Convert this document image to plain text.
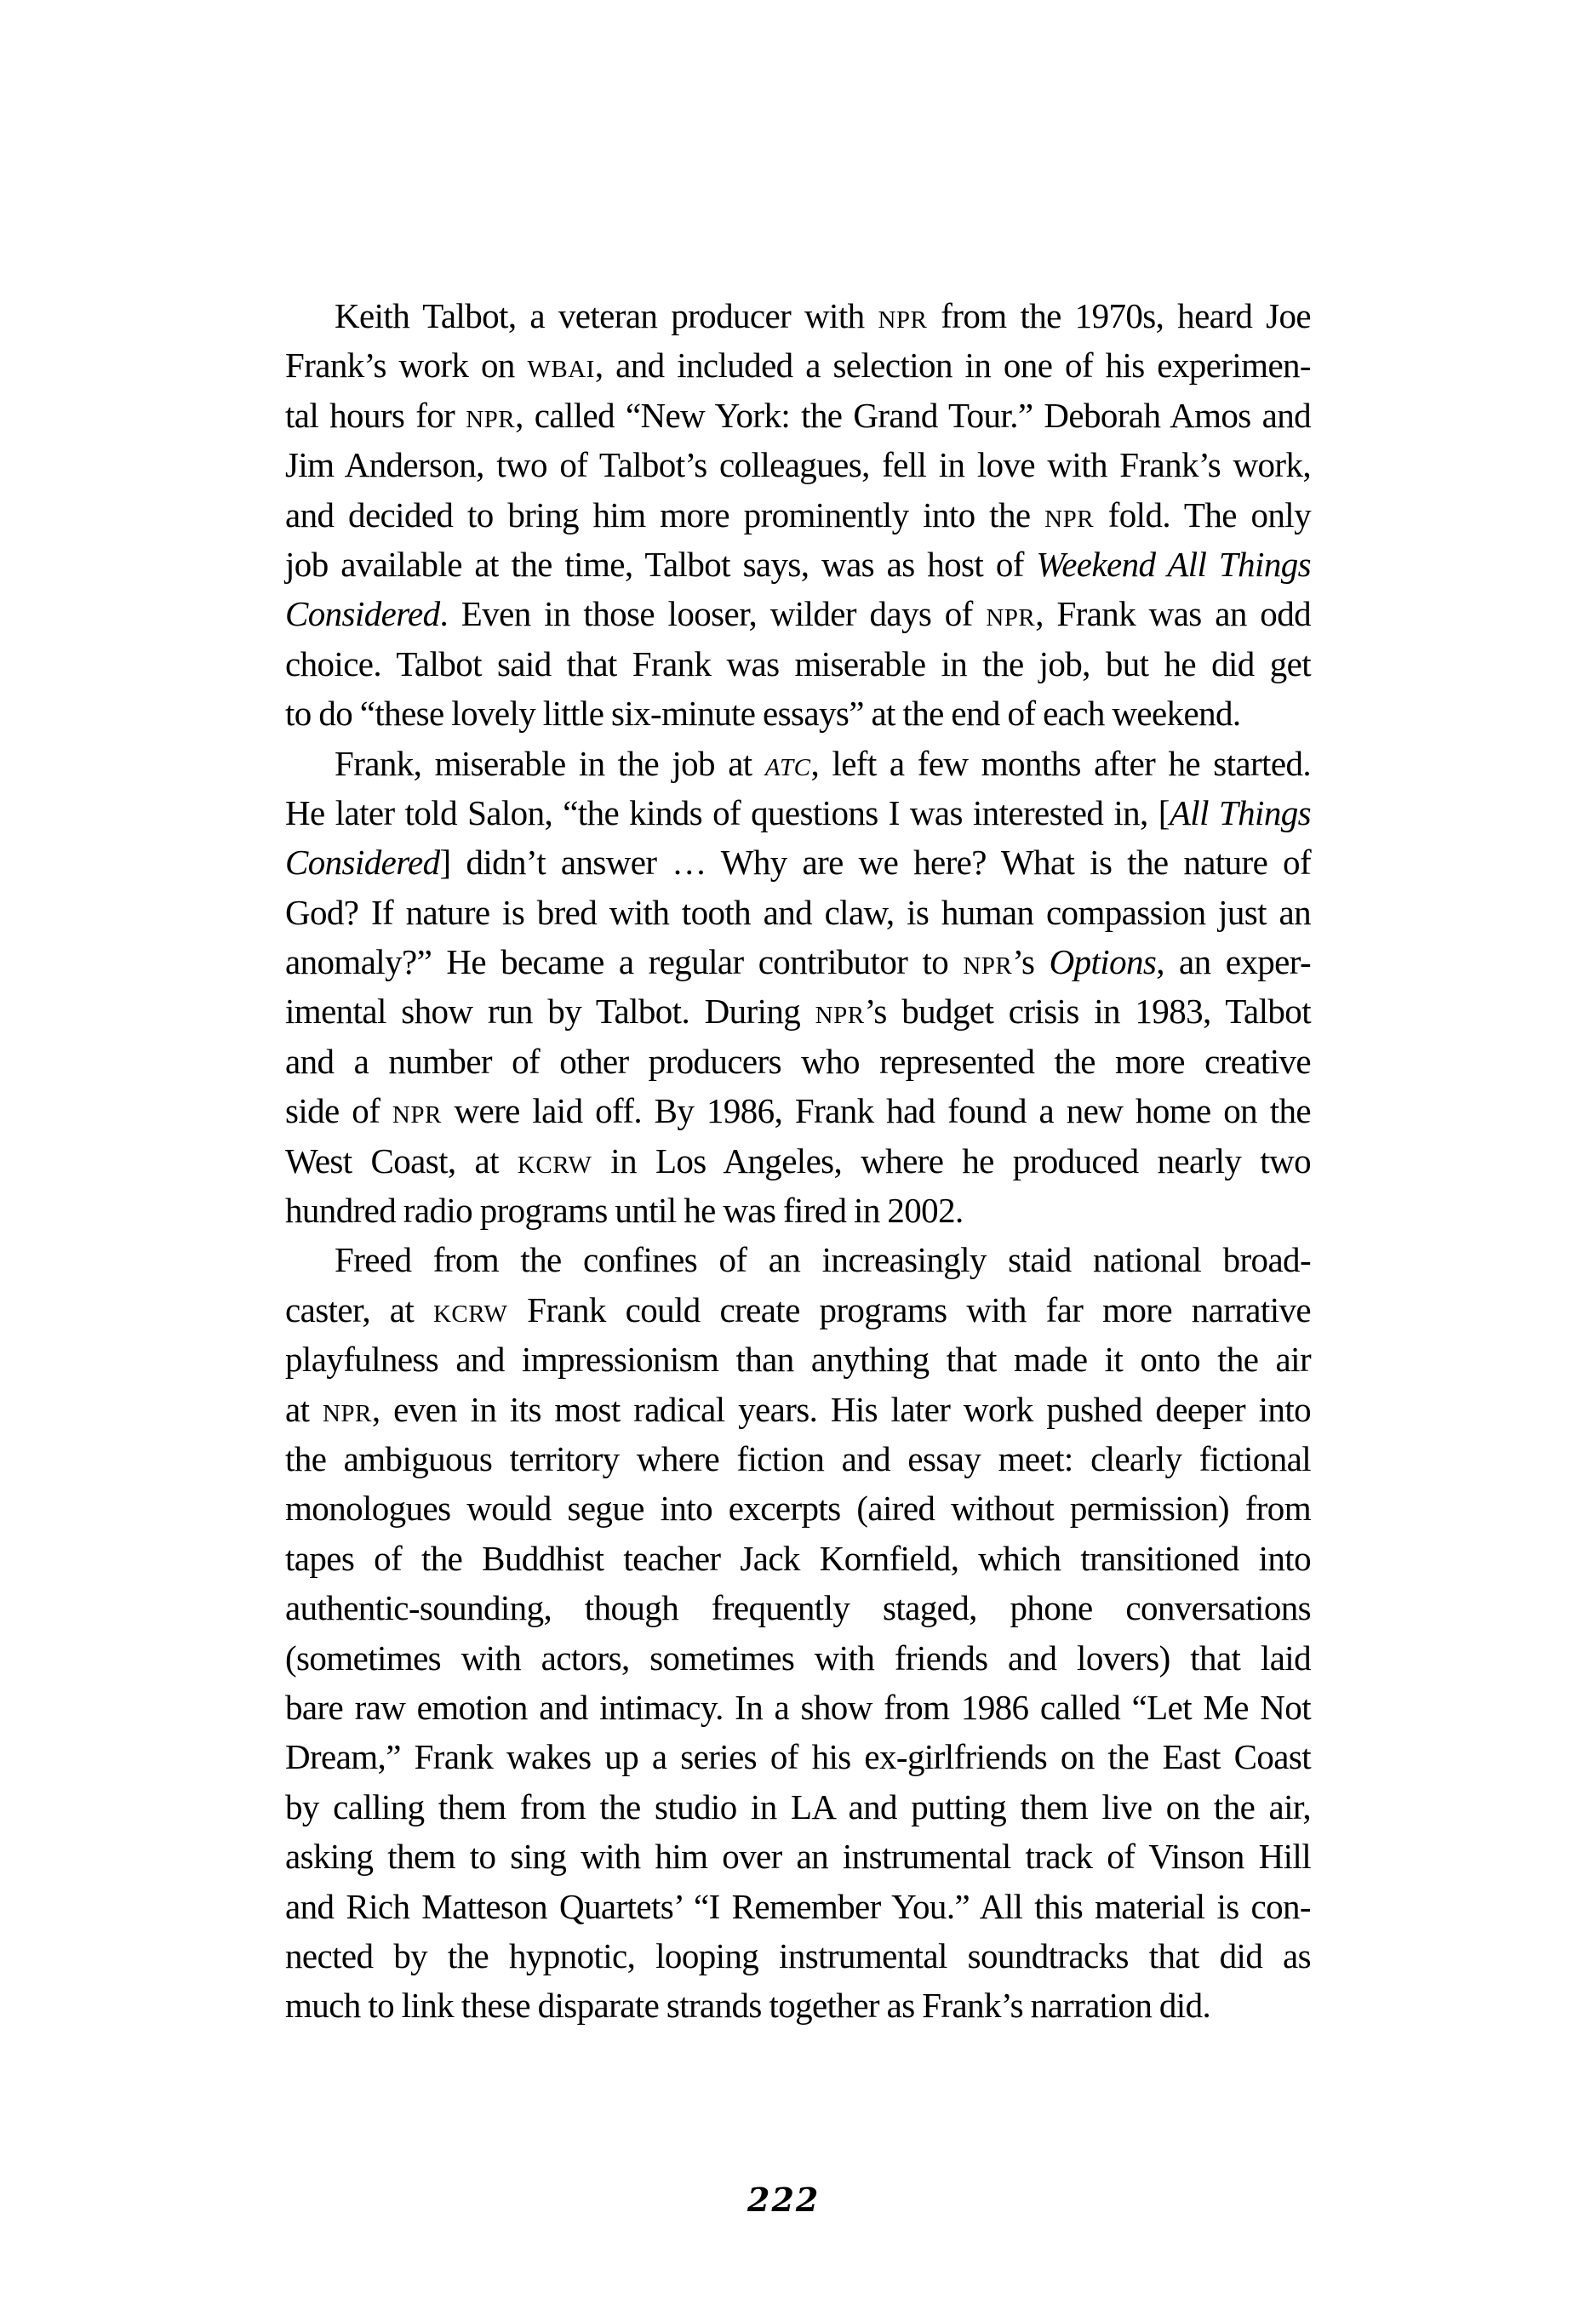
Keith Talbot, a veteran producer with npr from the 1970s, heard Joe
Frank’s work on wbai, and included a selection in one of his experimen-
tal hours for npr, called “New York: the Grand Tour.” Deborah Amos and
Jim Anderson, two of Talbot’s colleagues, fell in love with Frank’s work,
and decided to bring him more prominently into the npr fold. The only
job available at the time, Talbot says, was as host of Weekend All Things
Considered. Even in those looser, wilder days of npr, Frank was an odd
choice. Talbot said that Frank was miserable in the job, but he did get
to do “these lovely little six-minute essays” at the end of each weekend.
Frank, miserable in the job at atc, left a few months after he started.
He later told Salon, “the kinds of questions I was interested in, [All Things
Considered] didn’t answer … Why are we here? What is the nature of
God? If nature is bred with tooth and claw, is human compassion just an
anomaly?” He became a regular contributor to npr’s Options, an exper-
imental show run by Talbot. During npr’s budget crisis in 1983, Talbot
and a number of other producers who represented the more creative
side of npr were laid off. By 1986, Frank had found a new home on the
West Coast, at kcrw in Los Angeles, where he produced nearly two
hundred radio programs until he was fired in 2002.
Freed from the confines of an increasingly staid national broad-
caster, at kcrw Frank could create programs with far more narrative
playfulness and impressionism than anything that made it onto the air
at npr, even in its most radical years. His later work pushed deeper into
the ambiguous territory where fiction and essay meet: clearly fictional
monologues would segue into excerpts (aired without permission) from
tapes of the Buddhist teacher Jack Kornfield, which transitioned into
authentic-sounding, though frequently staged, phone conversations
(sometimes with actors, sometimes with friends and lovers) that laid
bare raw emotion and intimacy. In a show from 1986 called “Let Me Not
Dream,” Frank wakes up a series of his ex-girlfriends on the East Coast
by calling them from the studio in LA and putting them live on the air,
asking them to sing with him over an instrumental track of Vinson Hill
and Rich Matteson Quartets’ “I Remember You.” All this material is con-
nected by the hypnotic, looping instrumental soundtracks that did as
much to link these disparate strands together as Frank’s narration did.
222
